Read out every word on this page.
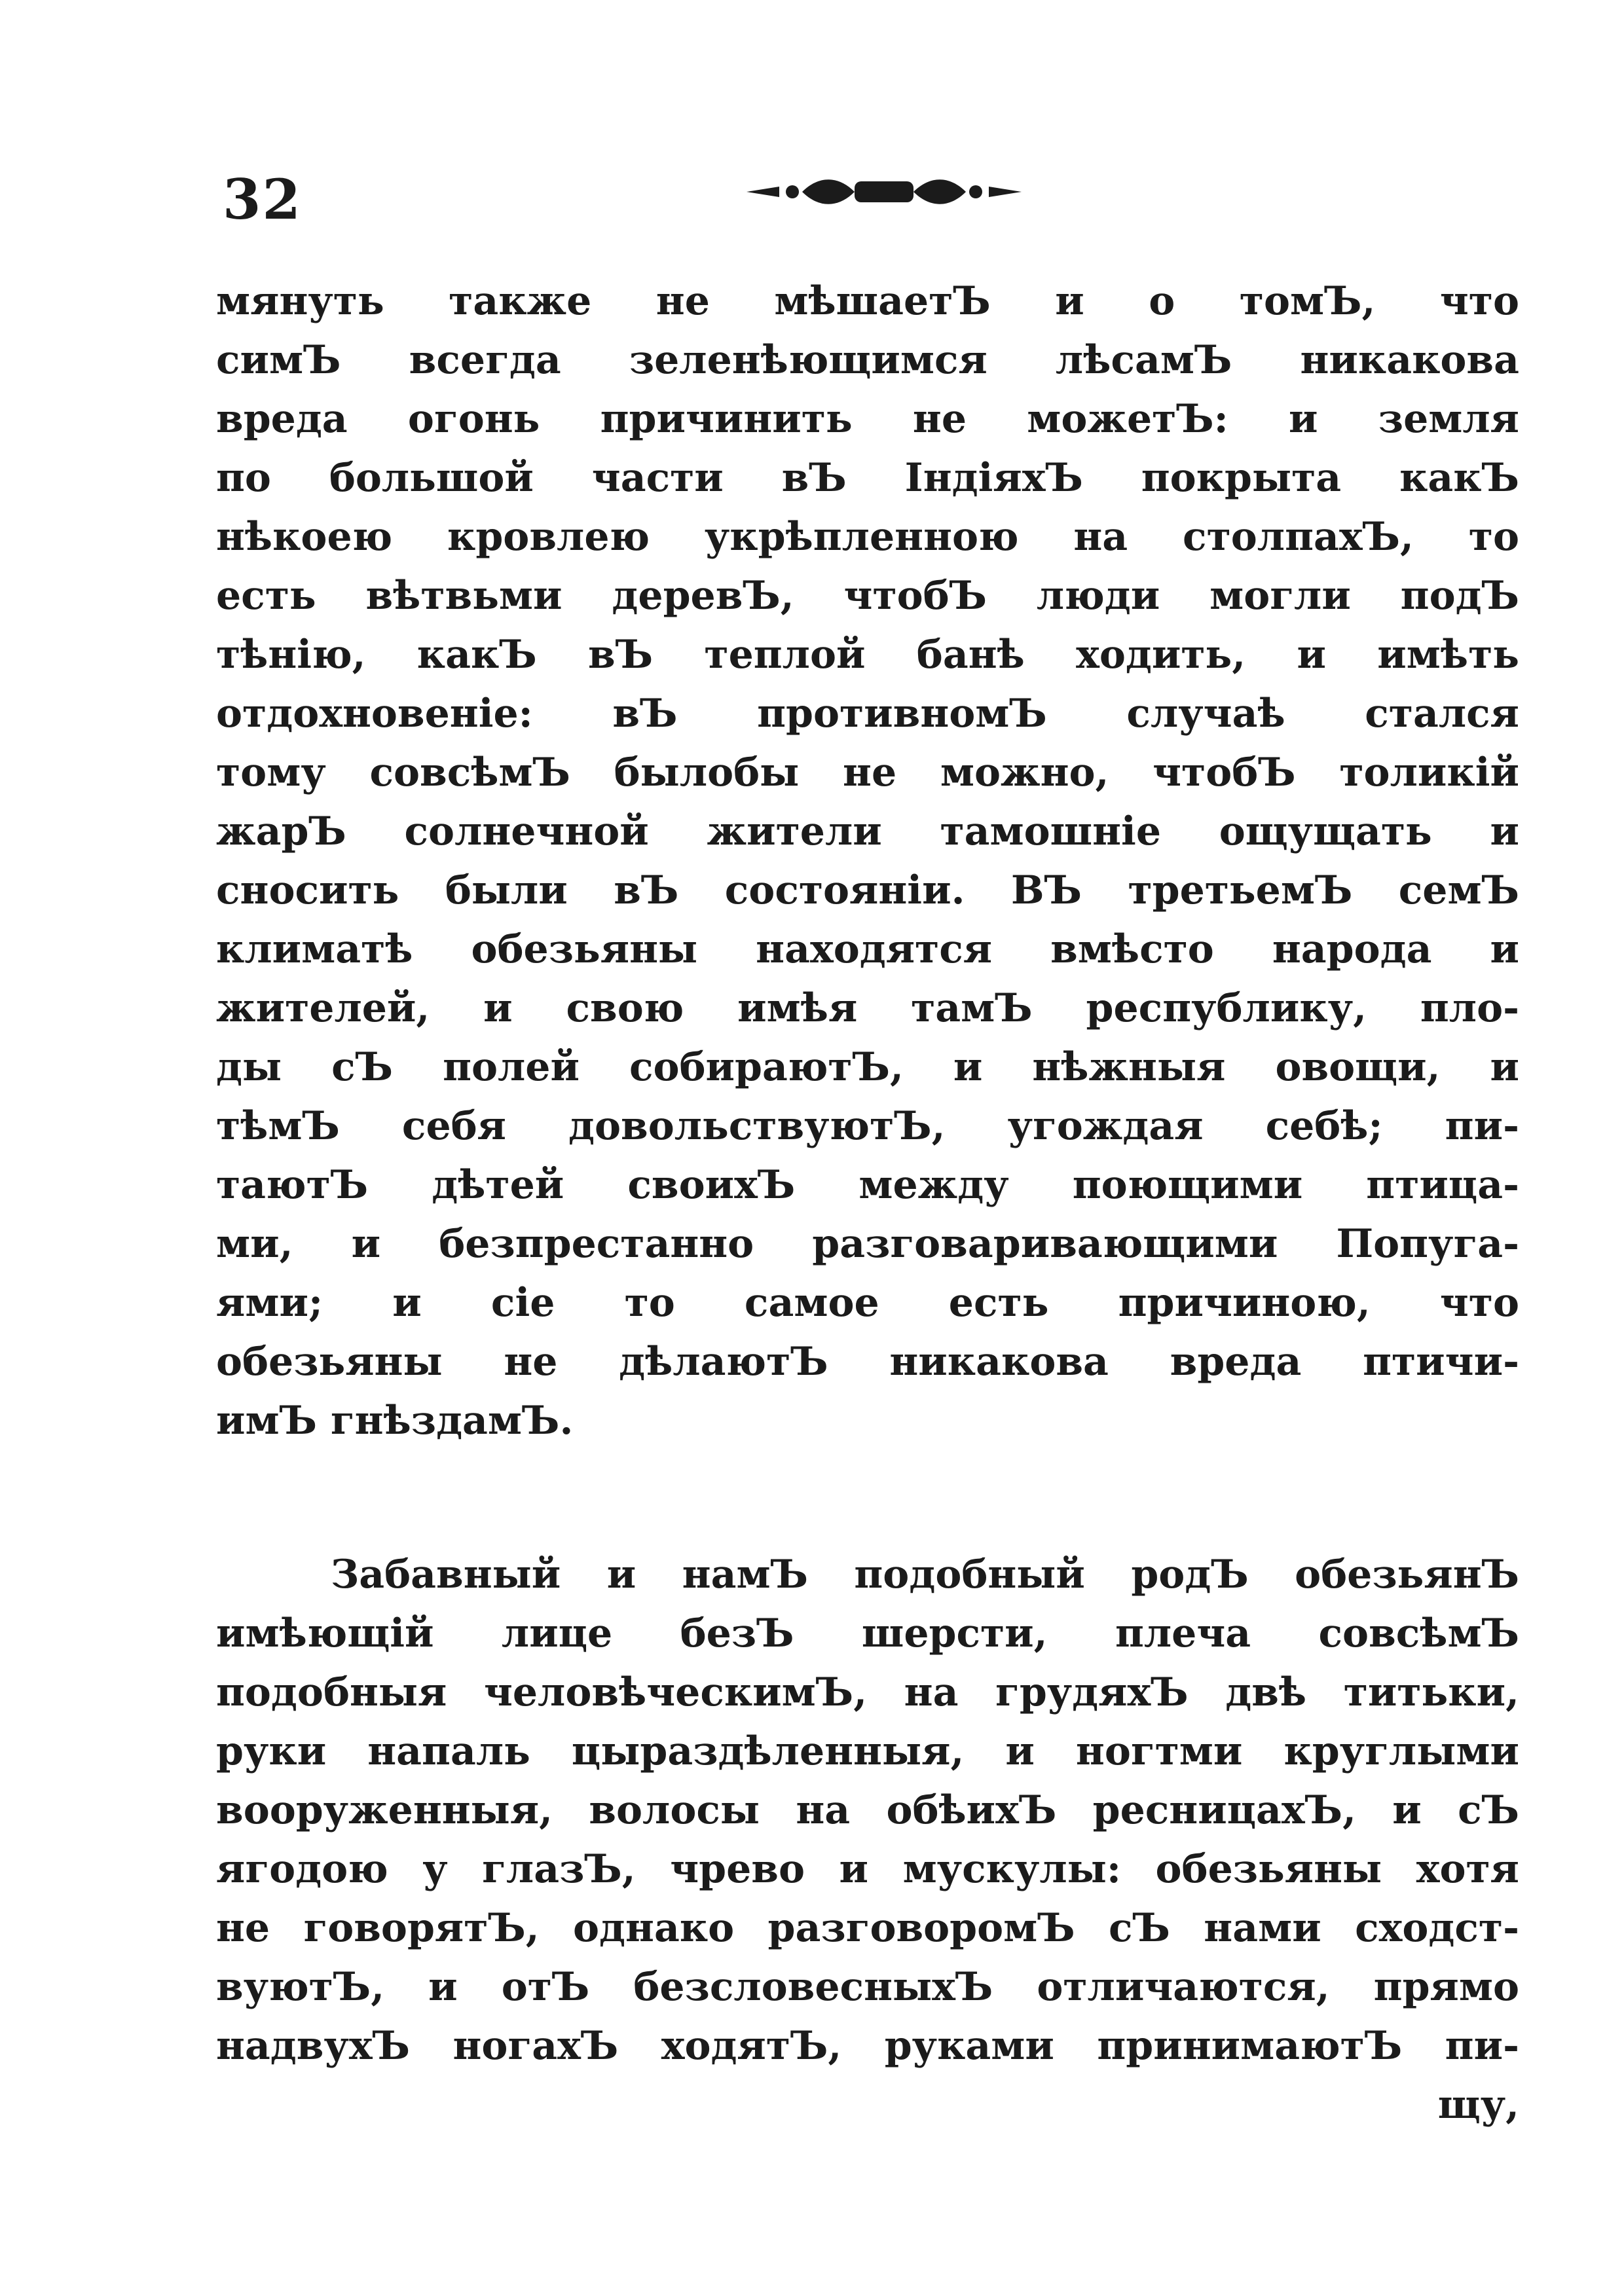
32
мянуть также не мѣшаетЪ и о томЪ, что
симЪ всегда зеленѣющимся лѣсамЪ никакова
вреда огонь причинить не можетЪ: и земля
по большой части вЪ ІндіяхЪ покрыта какЪ
нѣкоею кровлею укрѣпленною на столпахЪ, то
есть вѣтвьми деревЪ, чтобЪ люди могли подЪ
тѣнію, какЪ вЪ теплой банѣ ходить, и имѣть
отдохновеніе: вЪ противномЪ случаѣ стался
тому совсѣмЪ былобы не можно, чтобЪ толикій
жарЪ солнечной жители тамошніе ощущать и
сносить были вЪ состояніи. ВЪ третьемЪ семЪ
климатѣ обезьяны находятся вмѣсто народа и
жителей, и свою имѣя тамЪ республику, пло-
ды сЪ полей собираютЪ, и нѣжныя овощи, и
тѣмЪ себя довольствуютЪ, угождая себѣ; пи-
таютЪ дѣтей своихЪ между поющими птица-
ми, и безпрестанно разговаривающими Попуга-
ями; и сіе то самое есть причиною, что
обезьяны не дѣлаютЪ никакова вреда птичи-
имЪ гнѣздамЪ.
Забавный и намЪ подобный родЪ обезьянЪ
имѣющій лице безЪ шерсти, плеча совсѣмЪ
подобныя человѣческимЪ, на грудяхЪ двѣ титьки,
руки напаль цыраздѣленныя, и ногтми круглыми
вооруженныя, волосы на обѣихЪ ресницахЪ, и сЪ
ягодою у глазЪ, чрево и мускулы: обезьяны хотя
не говорятЪ, однако разговоромЪ сЪ нами сходст-
вуютЪ, и отЪ безсловесныхЪ отличаются, прямо
надвухЪ ногахЪ ходятЪ, руками принимаютЪ пи-
щу,
